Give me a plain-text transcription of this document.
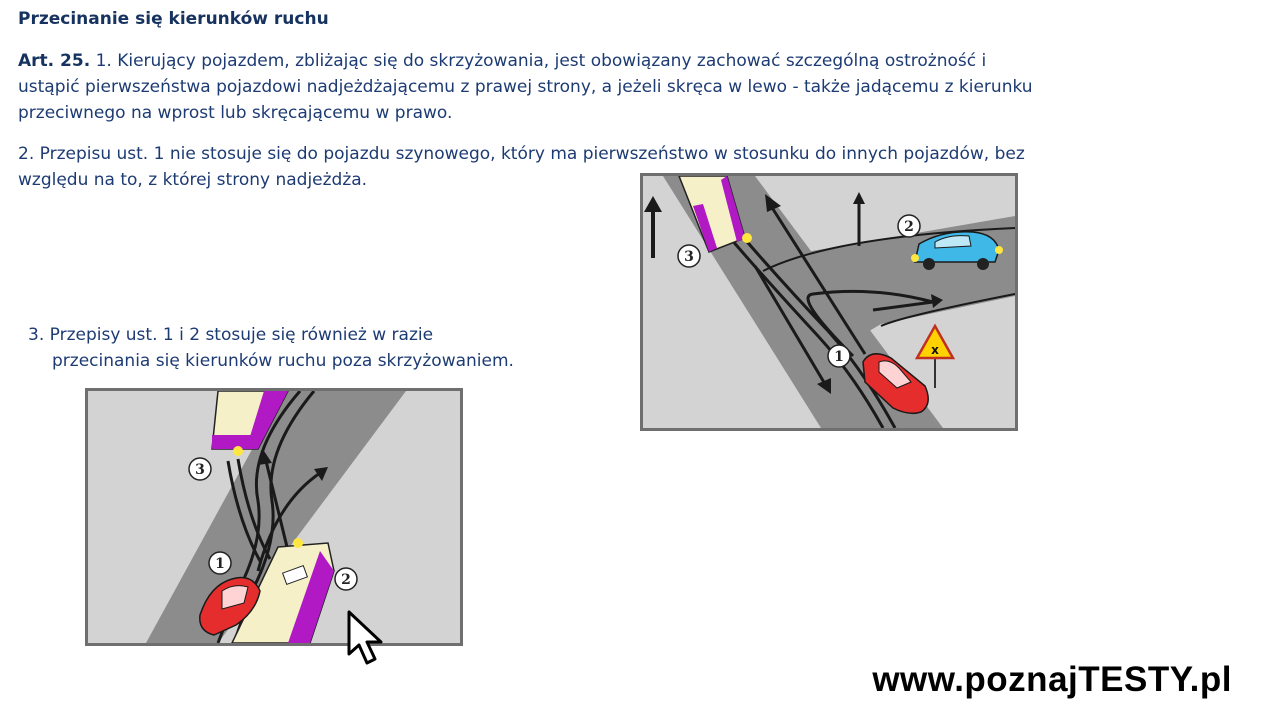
Przecinanie się kierunków ruchu

Art. 25. 1. Kierujący pojazdem, zbliżając się do skrzyżowania, jest obowiązany zachować szczególną ostrożność i ustąpić pierwszeństwa pojazdowi nadjeżdżającemu z prawej strony, a jeżeli skręca w lewo - także jadącemu z kierunku przeciwnego na wprost lub skręcającemu w prawo.

2. Przepisu ust. 1 nie stosuje się do pojazdu szynowego, który ma pierwszeństwo w stosunku do innych pojazdów, bez względu na to, z której strony nadjeżdża.

3. Przepisy ust. 1 i 2 stosuje się również w razie
przecinania się kierunków ruchu poza skrzyżowaniem.

x
1
2
3
1
2
3
www.poznajTESTY.pl
